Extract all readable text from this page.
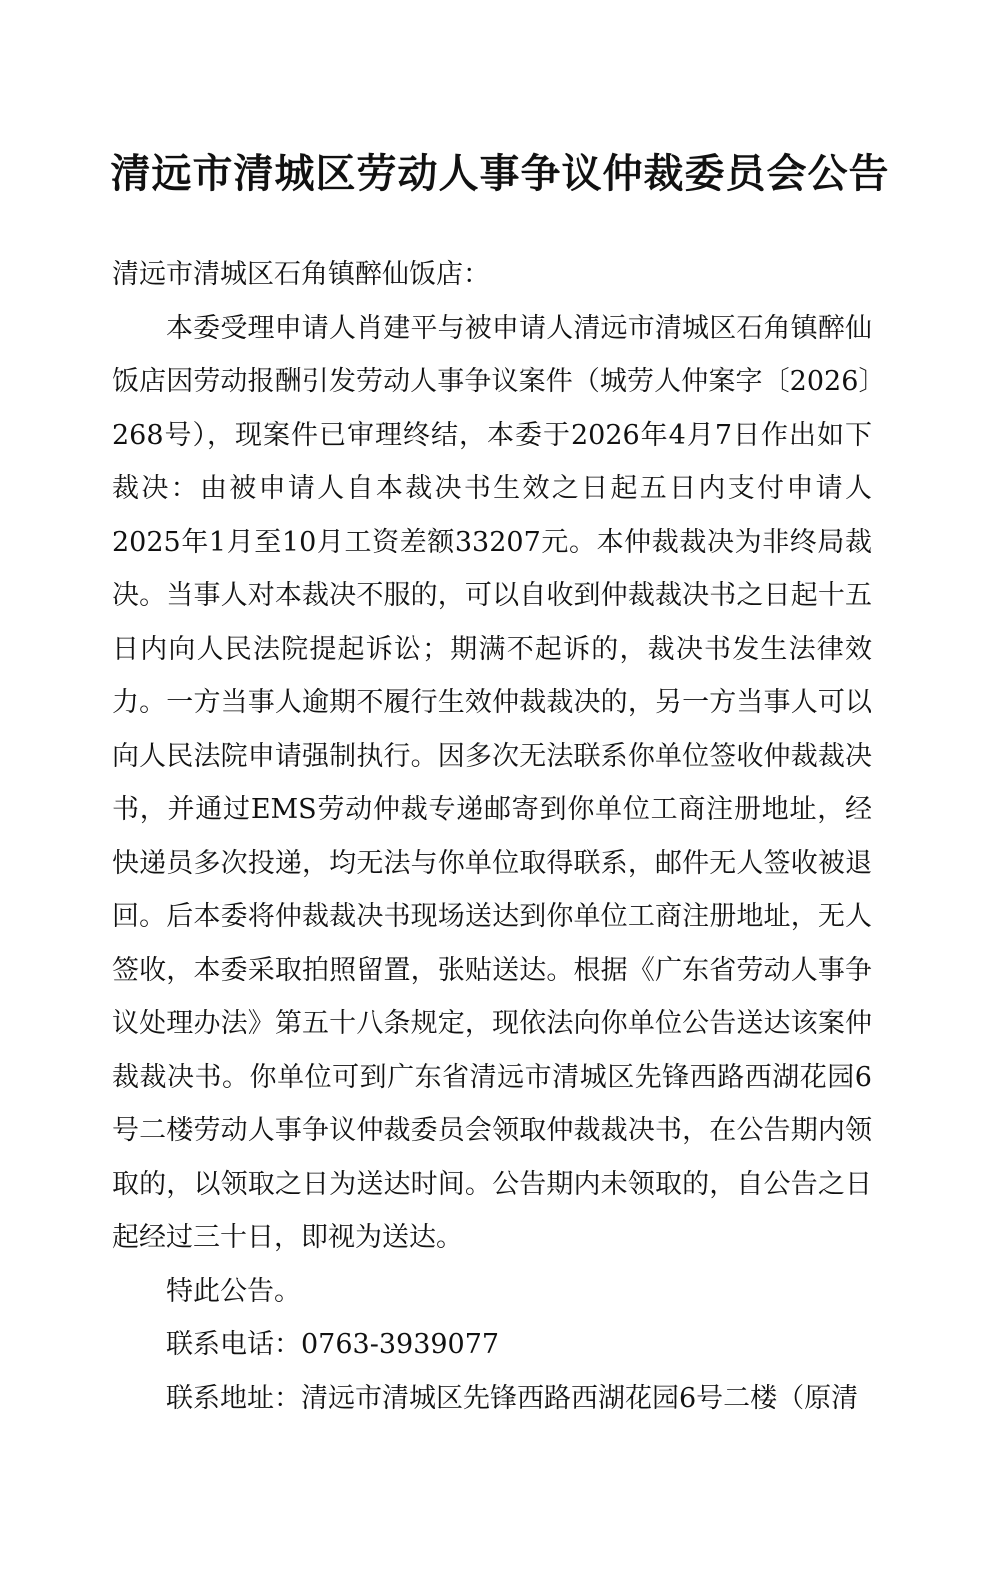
清远市清城区劳动人事争议仲裁委员会公告

清远市清城区石角镇醉仙饭店：

本委受理申请人肖建平与被申请人清远市清城区石角镇醉仙饭店因劳动报酬引发劳动人事争议案件（城劳人仲案字〔2026〕268号），现案件已审理终结，本委于2026年4月7日作出如下裁决：由被申请人自本裁决书生效之日起五日内支付申请人2025年1月至10月工资差额33207元。本仲裁裁决为非终局裁决。当事人对本裁决不服的，可以自收到仲裁裁决书之日起十五日内向人民法院提起诉讼；期满不起诉的，裁决书发生法律效力。一方当事人逾期不履行生效仲裁裁决的，另一方当事人可以向人民法院申请强制执行。因多次无法联系你单位签收仲裁裁决书，并通过EMS劳动仲裁专递邮寄到你单位工商注册地址，经快递员多次投递，均无法与你单位取得联系，邮件无人签收被退回。后本委将仲裁裁决书现场送达到你单位工商注册地址，无人签收，本委采取拍照留置，张贴送达。根据《广东省劳动人事争议处理办法》第五十八条规定，现依法向你单位公告送达该案仲裁裁决书。你单位可到广东省清远市清城区先锋西路西湖花园6号二楼劳动人事争议仲裁委员会领取仲裁裁决书，在公告期内领取的，以领取之日为送达时间。公告期内未领取的，自公告之日起经过三十日，即视为送达。

特此公告。

联系电话：0763-3939077

联系地址：清远市清城区先锋西路西湖花园6号二楼（原清
